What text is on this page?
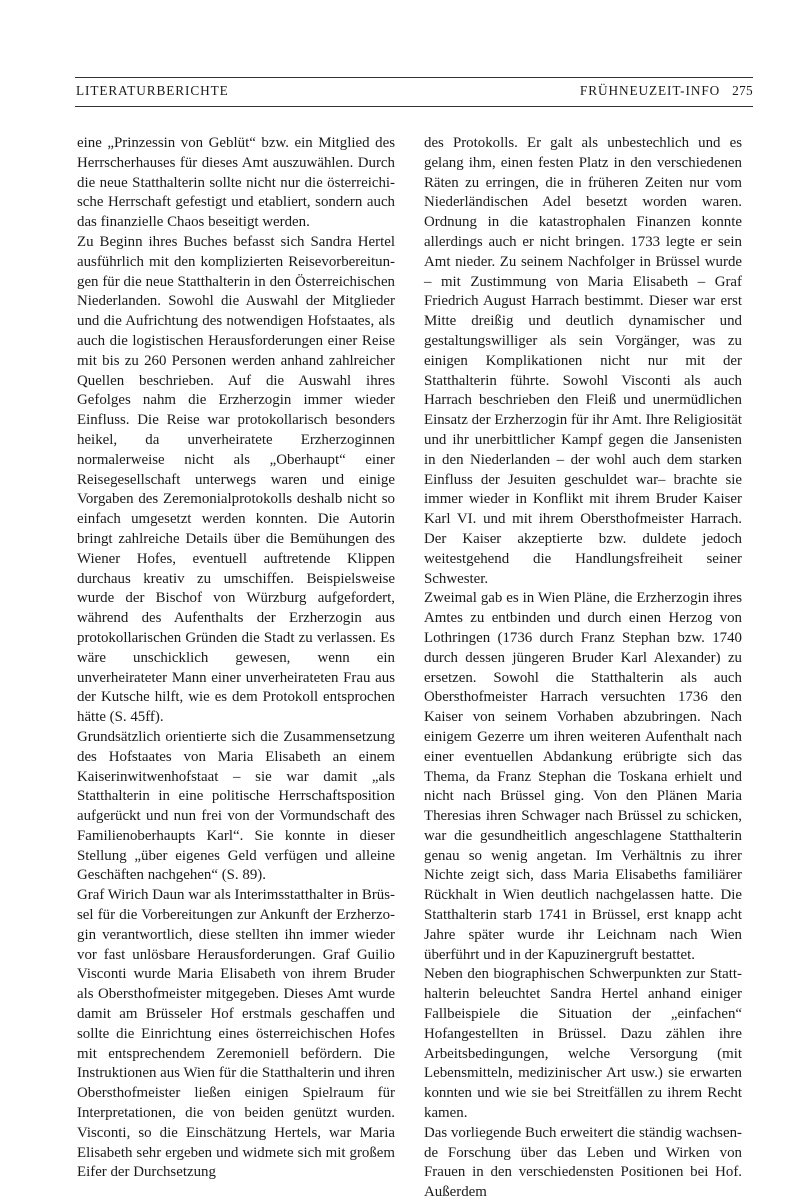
LITERATURBERICHTE	FRÜHNEUZEIT-INFO 275

eine „Prinzessin von Geblüt“ bzw. ein Mitglied des Herrscherhauses für dieses Amt auszuwählen. Durch die neue Statthalterin sollte nicht nur die österreichische Herrschaft gefestigt und etabliert, sondern auch das finanzielle Chaos beseitigt werden.

Zu Beginn ihres Buches befasst sich Sandra Hertel ausführlich mit den komplizierten Reisevorbereitungen für die neue Statthalterin in den Österreichischen Niederlanden. Sowohl die Auswahl der Mitglieder und die Aufrichtung des notwendigen Hofstaates, als auch die logistischen Herausforderungen einer Reise mit bis zu 260 Personen werden anhand zahlreicher Quellen beschrieben. Auf die Auswahl ihres Gefolges nahm die Erzherzogin immer wieder Einfluss. Die Reise war protokollarisch besonders heikel, da unverheiratete Erzherzoginnen normalerweise nicht als „Oberhaupt“ einer Reisegesellschaft unterwegs waren und einige Vorgaben des Zeremonialprotokolls deshalb nicht so einfach umgesetzt werden konnten. Die Autorin bringt zahlreiche Details über die Bemühungen des Wiener Hofes, eventuell auftretende Klippen durchaus kreativ zu umschiffen. Beispielsweise wurde der Bischof von Würzburg aufgefordert, während des Aufenthalts der Erzherzogin aus protokollarischen Gründen die Stadt zu verlassen. Es wäre unschicklich gewesen, wenn ein unverheirateter Mann einer unverheirateten Frau aus der Kutsche hilft, wie es dem Protokoll entsprochen hätte (S. 45ff).

Grundsätzlich orientierte sich die Zusammensetzung des Hofstaates von Maria Elisabeth an einem Kaiserinwitwenhofstaat – sie war damit „als Statthalterin in eine politische Herrschaftsposition aufgerückt und nun frei von der Vormundschaft des Familienoberhaupts Karl“. Sie konnte in dieser Stellung „über eigenes Geld verfügen und alleine Geschäften nachgehen“ (S. 89).

Graf Wirich Daun war als Interimsstatthalter in Brüssel für die Vorbereitungen zur Ankunft der Erzherzogin verantwortlich, diese stellten ihn immer wieder vor fast unlösbare Herausforderungen. Graf Guilio Visconti wurde Maria Elisabeth von ihrem Bruder als Obersthofmeister mitgegeben. Dieses Amt wurde damit am Brüsseler Hof erstmals geschaffen und sollte die Einrichtung eines österreichischen Hofes mit entsprechendem Zeremoniell befördern. Die Instruktionen aus Wien für die Statthalterin und ihren Obersthofmeister ließen einigen Spielraum für Interpretationen, die von beiden genützt wurden. Visconti, so die Einschätzung Hertels, war Maria Elisabeth sehr ergeben und widmete sich mit großem Eifer der Durchsetzung

des Protokolls. Er galt als unbestechlich und es gelang ihm, einen festen Platz in den verschiedenen Räten zu erringen, die in früheren Zeiten nur vom Niederländischen Adel besetzt worden waren. Ordnung in die katastrophalen Finanzen konnte allerdings auch er nicht bringen. 1733 legte er sein Amt nieder. Zu seinem Nachfolger in Brüssel wurde – mit Zustimmung von Maria Elisabeth – Graf Friedrich August Harrach bestimmt. Dieser war erst Mitte dreißig und deutlich dynamischer und gestaltungswilliger als sein Vorgänger, was zu einigen Komplikationen nicht nur mit der Statthalterin führte. Sowohl Visconti als auch Harrach beschrieben den Fleiß und unermüdlichen Einsatz der Erzherzogin für ihr Amt. Ihre Religiosität und ihr unerbittlicher Kampf gegen die Jansenisten in den Niederlanden – der wohl auch dem starken Einfluss der Jesuiten geschuldet war– brachte sie immer wieder in Konflikt mit ihrem Bruder Kaiser Karl VI. und mit ihrem Obersthofmeister Harrach. Der Kaiser akzeptierte bzw. duldete jedoch weitestgehend die Handlungsfreiheit seiner Schwester.

Zweimal gab es in Wien Pläne, die Erzherzogin ihres Amtes zu entbinden und durch einen Herzog von Lothringen (1736 durch Franz Stephan bzw. 1740 durch dessen jüngeren Bruder Karl Alexander) zu ersetzen. Sowohl die Statthalterin als auch Obersthofmeister Harrach versuchten 1736 den Kaiser von seinem Vorhaben abzubringen. Nach einigem Gezerre um ihren weiteren Aufenthalt nach einer eventuellen Abdankung erübrigte sich das Thema, da Franz Stephan die Toskana erhielt und nicht nach Brüssel ging. Von den Plänen Maria Theresias ihren Schwager nach Brüssel zu schicken, war die gesundheitlich angeschlagene Statthalterin genau so wenig angetan. Im Verhältnis zu ihrer Nichte zeigt sich, dass Maria Elisabeths familiärer Rückhalt in Wien deutlich nachgelassen hatte. Die Statthalterin starb 1741 in Brüssel, erst knapp acht Jahre später wurde ihr Leichnam nach Wien überführt und in der Kapuzinergruft bestattet.

Neben den biographischen Schwerpunkten zur Statthalterin beleuchtet Sandra Hertel anhand einiger Fallbeispiele die Situation der „einfachen“ Hofangestellten in Brüssel. Dazu zählen ihre Arbeitsbedingungen, welche Versorgung (mit Lebensmitteln, medizinischer Art usw.) sie erwarten konnten und wie sie bei Streitfällen zu ihrem Recht kamen.

Das vorliegende Buch erweitert die ständig wachsende Forschung über das Leben und Wirken von Frauen in den verschiedensten Positionen bei Hof. Außerdem
